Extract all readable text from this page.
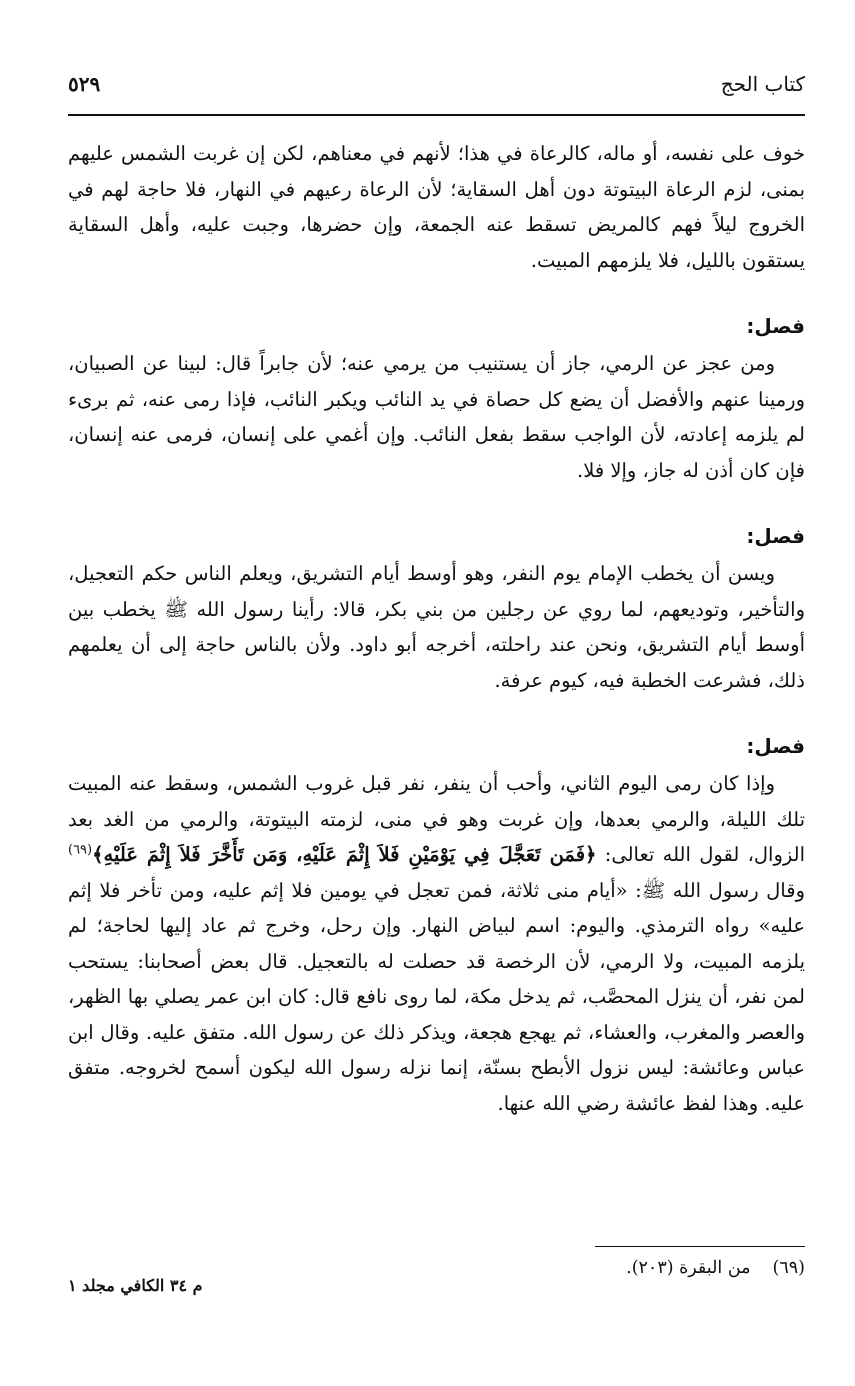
كتاب الحج
٥٢٩

خوف على نفسه، أو ماله، كالرعاة في هذا؛ لأنهم في معناهم، لكن إن غربت الشمس عليهم بمنى، لزم الرعاة البيتوتة دون أهل السقاية؛ لأن الرعاة رعيهم في النهار، فلا حاجة لهم في الخروج ليلاً فهم كالمريض تسقط عنه الجمعة، وإن حضرها، وجبت عليه، وأهل السقاية يستقون بالليل، فلا يلزمهم المبيت.

فصل:

ومن عجز عن الرمي، جاز أن يستنيب من يرمي عنه؛ لأن جابراً قال: لبينا عن الصبيان، ورمينا عنهم والأفضل أن يضع كل حصاة في يد النائب ويكبر النائب، فإذا رمى عنه، ثم برىء لم يلزمه إعادته، لأن الواجب سقط بفعل النائب. وإن أغمي على إنسان، فرمى عنه إنسان، فإن كان أذن له جاز، وإلا فلا.

فصل:

ويسن أن يخطب الإمام يوم النفر، وهو أوسط أيام التشريق، ويعلم الناس حكم التعجيل، والتأخير، وتوديعهم، لما روي عن رجلين من بني بكر، قالا: رأينا رسول الله ﷺ يخطب بين أوسط أيام التشريق، ونحن عند راحلته، أخرجه أبو داود. ولأن بالناس حاجة إلى أن يعلمهم ذلك، فشرعت الخطبة فيه، كيوم عرفة.

فصل:

وإذا كان رمى اليوم الثاني، وأحب أن ينفر، نفر قبل غروب الشمس، وسقط عنه المبيت تلك الليلة، والرمي بعدها، وإن غربت وهو في منى، لزمته البيتوتة، والرمي من الغد بعد الزوال، لقول الله تعالى: ﴿فَمَن تَعَجَّلَ فِي يَوْمَيْنِ فَلاَ إِثْمَ عَلَيْهِ، وَمَن تَأَخَّرَ فَلاَ إِثْمَ عَلَيْهِ﴾$^{(٦٩)}$ وقال رسول الله ﷺ: «أيام منى ثلاثة، فمن تعجل في يومين فلا إثم عليه، ومن تأخر فلا إثم عليه» رواه الترمذي. واليوم: اسم لبياض النهار. وإن رحل، وخرج ثم عاد إليها لحاجة؛ لم يلزمه المبيت، ولا الرمي، لأن الرخصة قد حصلت له بالتعجيل. قال بعض أصحابنا: يستحب لمن نفر، أن ينزل المحصَّب، ثم يدخل مكة، لما روى نافع قال: كان ابن عمر يصلي بها الظهر، والعصر والمغرب، والعشاء، ثم يهجع هجعة، ويذكر ذلك عن رسول الله. متفق عليه. وقال ابن عباس وعائشة: ليس نزول الأبطح بسنّة، إنما نزله رسول الله ليكون أسمح لخروجه. متفق عليه. وهذا لفظ عائشة رضي الله عنها.

(٦٩)من البقرة (٢٠٣).
م ٣٤ الكافي مجلد ١
